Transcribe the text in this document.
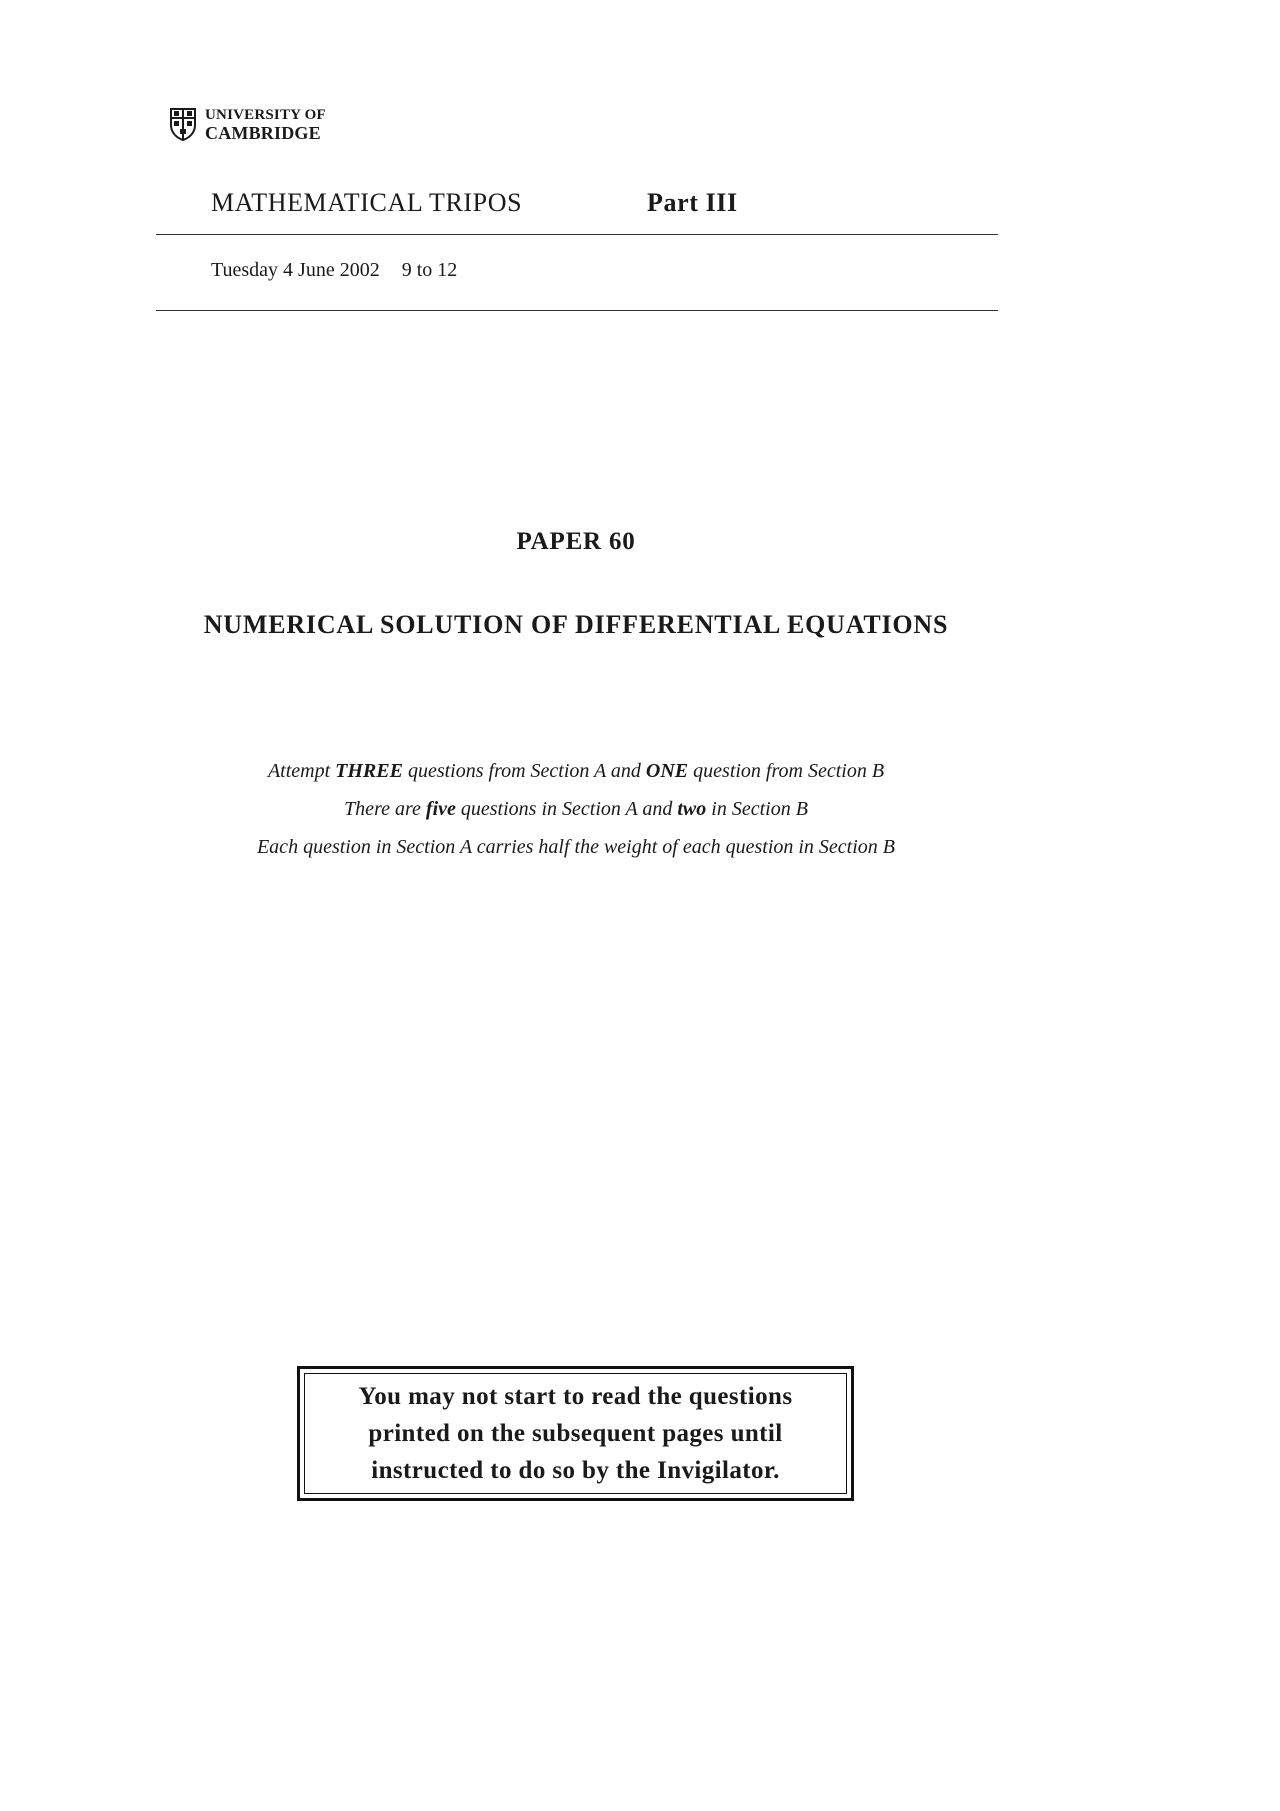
UNIVERSITY OF
CAMBRIDGE
MATHEMATICAL TRIPOS	Part III
Tuesday 4 June 2002 9 to 12
PAPER 60
NUMERICAL SOLUTION OF DIFFERENTIAL EQUATIONS
Attempt THREE questions from Section A and ONE question from Section B
There are five questions in Section A and two in Section B
Each question in Section A carries half the weight of each question in Section B
You may not start to read the questions
printed on the subsequent pages until
instructed to do so by the Invigilator.
